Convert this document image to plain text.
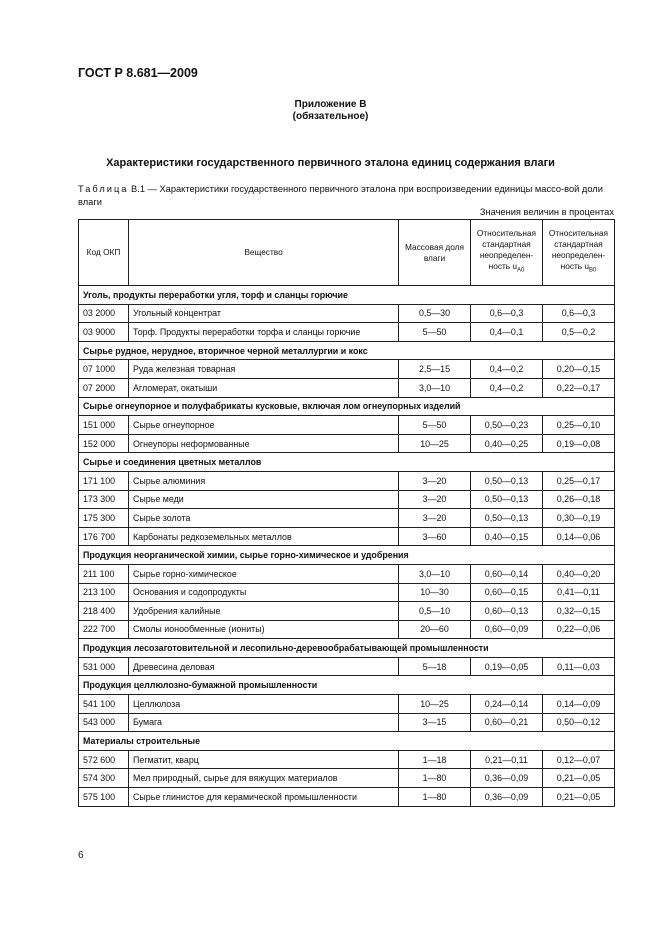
ГОСТ Р 8.681—2009
Приложение В
(обязательное)
Характеристики государственного первичного эталона единиц содержания влаги
Таблица В.1 — Характеристики государственного первичного эталона при воспроизведении единицы массо-вой доли влаги
Значения величин в процентах
Код ОКП	Вещество	Массовая доля влаги	Относительная стандартная неопределен-ность $u_{A0}$	Относительная стандартная неопределен-ность $u_{B0}$
Уголь, продукты переработки угля, торф и сланцы горючие				
03 2000	Угольный концентрат	0,5—30	0,6—0,3	0,6—0,3
03 9000	Торф. Продукты переработки торфа и сланцы горючие	5—50	0,4—0,1	0,5—0,2
Сырье рудное, нерудное, вторичное черной металлургии и кокс				
07 1000	Руда железная товарная	2,5—15	0,4—0,2	0,20—0,15
07 2000	Агломерат, окатыши	3,0—10	0,4—0,2	0,22—0,17
Сырье огнеупорное и полуфабрикаты кусковые, включая лом огнеупорных изделий				
151 000	Сырье огнеупорное	5—50	0,50—0,23	0,25—0,10
152 000	Огнеупоры неформованные	10—25	0,40—0,25	0,19—0,08
Сырье и соединения цветных металлов				
171 100	Сырье алюминия	3—20	0,50—0,13	0,25—0,17
173 300	Сырье меди	3—20	0,50—0,13	0,26—0,18
175 300	Сырье золота	3—20	0,50—0,13	0,30—0,19
176 700	Карбонаты редкоземельных металлов	3—60	0,40—0,15	0,14—0,06
Продукция неорганической химии, сырье горно-химическое и удобрения				
211 100	Сырье горно-химическое	3,0—10	0,60—0,14	0,40—0,20
213 100	Основания и содопродукты	10—30	0,60—0,15	0,41—0,11
218 400	Удобрения калийные	0,5—10	0,60—0,13	0,32—0,15
222 700	Смолы ионообменные (иониты)	20—60	0,60—0,09	0,22—0,06
Продукция лесозаготовительной и лесопильно-деревообрабатывающей промышленности				
531 000	Древесина деловая	5—18	0,19—0,05	0,11—0,03
Продукция целлюлозно-бумажной промышленности				
541 100	Целлюлоза	10—25	0,24—0,14	0,14—0,09
543 000	Бумага	3—15	0,60—0,21	0,50—0,12
Материалы строительные				
572 600	Пегматит, кварц	1—18	0,21—0,11	0,12—0,07
574 300	Мел природный, сырье для вяжущих материалов	1—80	0,36—0,09	0,21—0,05
575 100	Сырье глинистое для керамической промышленности	1—80	0,36—0,09	0,21—0,05
6
